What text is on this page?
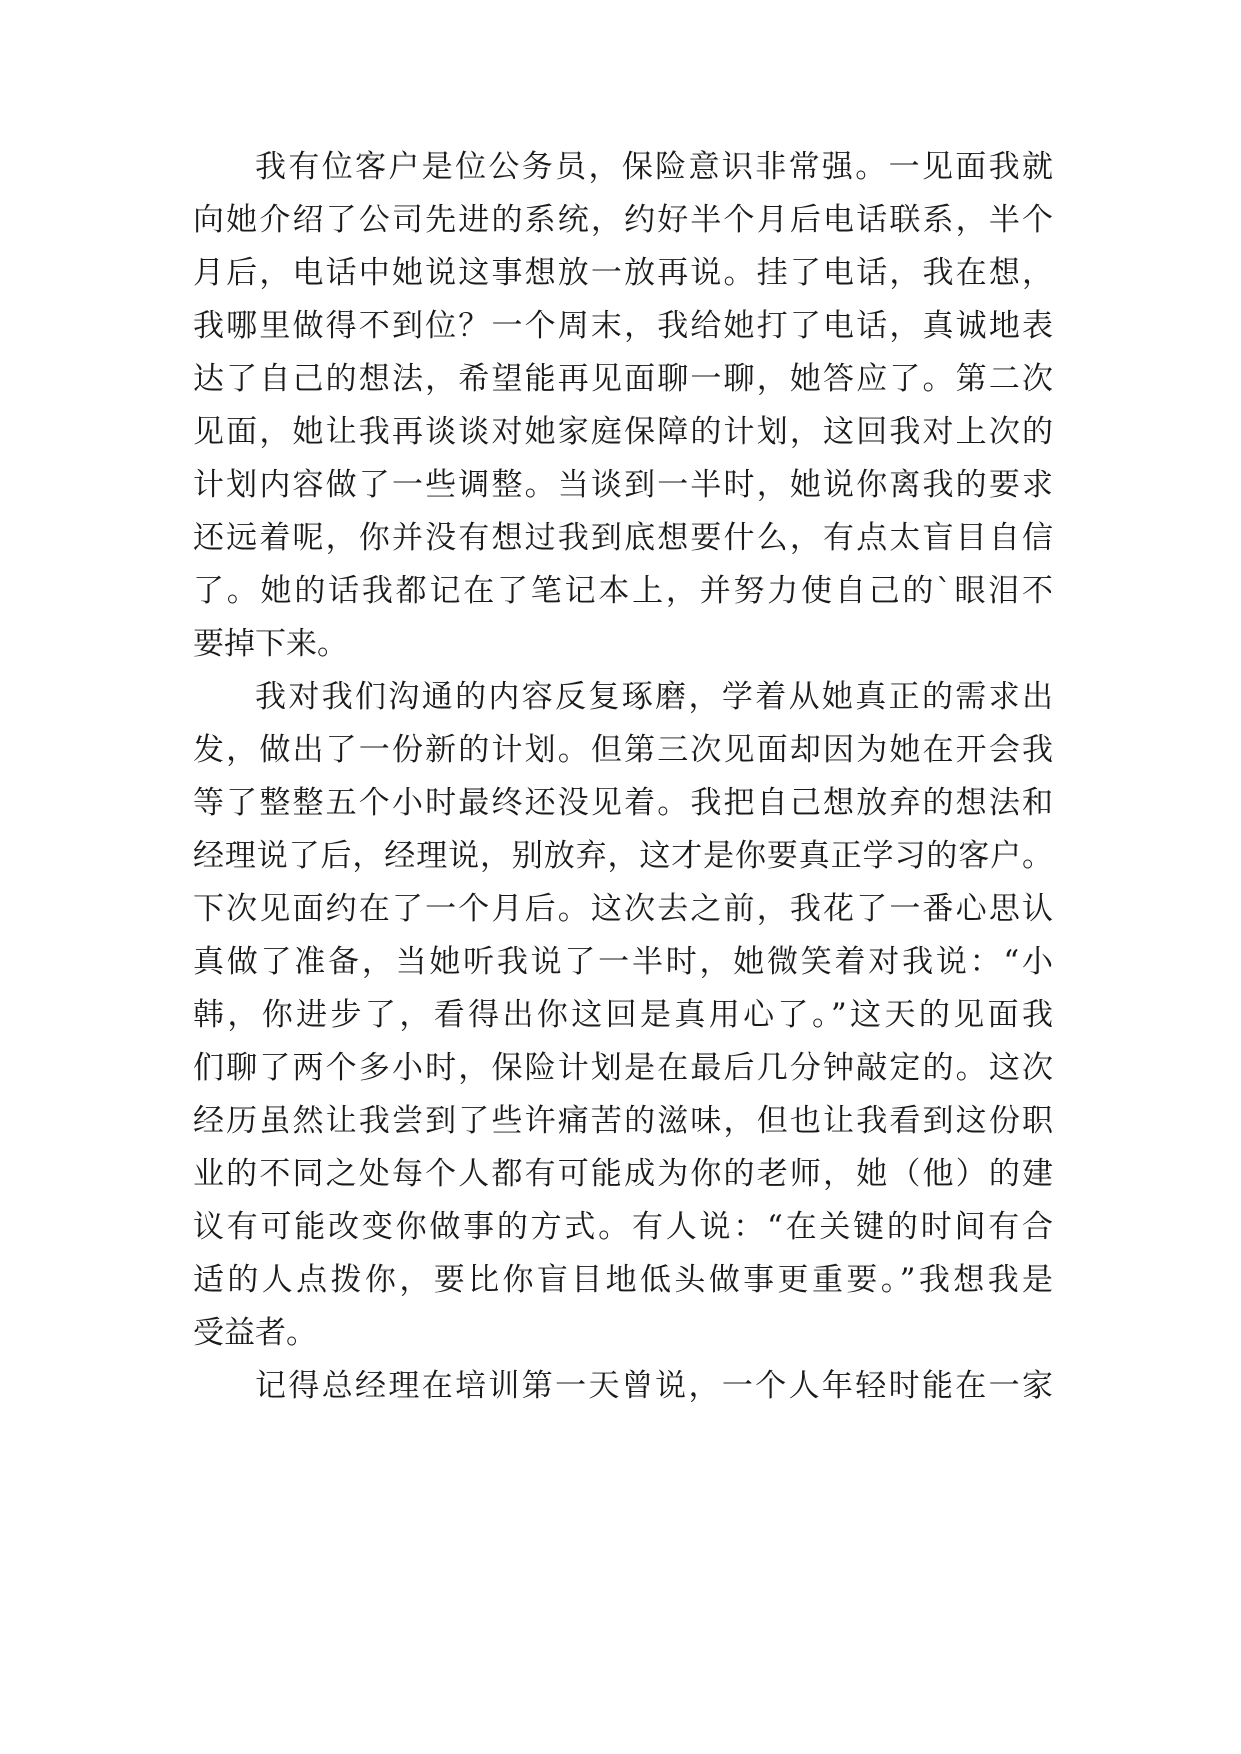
我有位客户是位公务员，保险意识非常强。一见面我就
向她介绍了公司先进的系统，约好半个月后电话联系，半个
月后，电话中她说这事想放一放再说。挂了电话，我在想，
我哪里做得不到位？一个周末，我给她打了电话，真诚地表
达了自己的想法，希望能再见面聊一聊，她答应了。第二次
见面，她让我再谈谈对她家庭保障的计划，这回我对上次的
计划内容做了一些调整。当谈到一半时，她说你离我的要求
还远着呢，你并没有想过我到底想要什么，有点太盲目自信
了。她的话我都记在了笔记本上，并努力使自己的`眼泪不
要掉下来。
我对我们沟通的内容反复琢磨，学着从她真正的需求出
发，做出了一份新的计划。但第三次见面却因为她在开会我
等了整整五个小时最终还没见着。我把自己想放弃的想法和
经理说了后，经理说，别放弃，这才是你要真正学习的客户。
下次见面约在了一个月后。这次去之前，我花了一番心思认
真做了准备，当她听我说了一半时，她微笑着对我说：“小
韩，你进步了，看得出你这回是真用心了。”这天的见面我
们聊了两个多小时，保险计划是在最后几分钟敲定的。这次
经历虽然让我尝到了些许痛苦的滋味，但也让我看到这份职
业的不同之处每个人都有可能成为你的老师，她（他）的建
议有可能改变你做事的方式。有人说：“在关键的时间有合
适的人点拨你，要比你盲目地低头做事更重要。”我想我是
受益者。
记得总经理在培训第一天曾说，一个人年轻时能在一家
